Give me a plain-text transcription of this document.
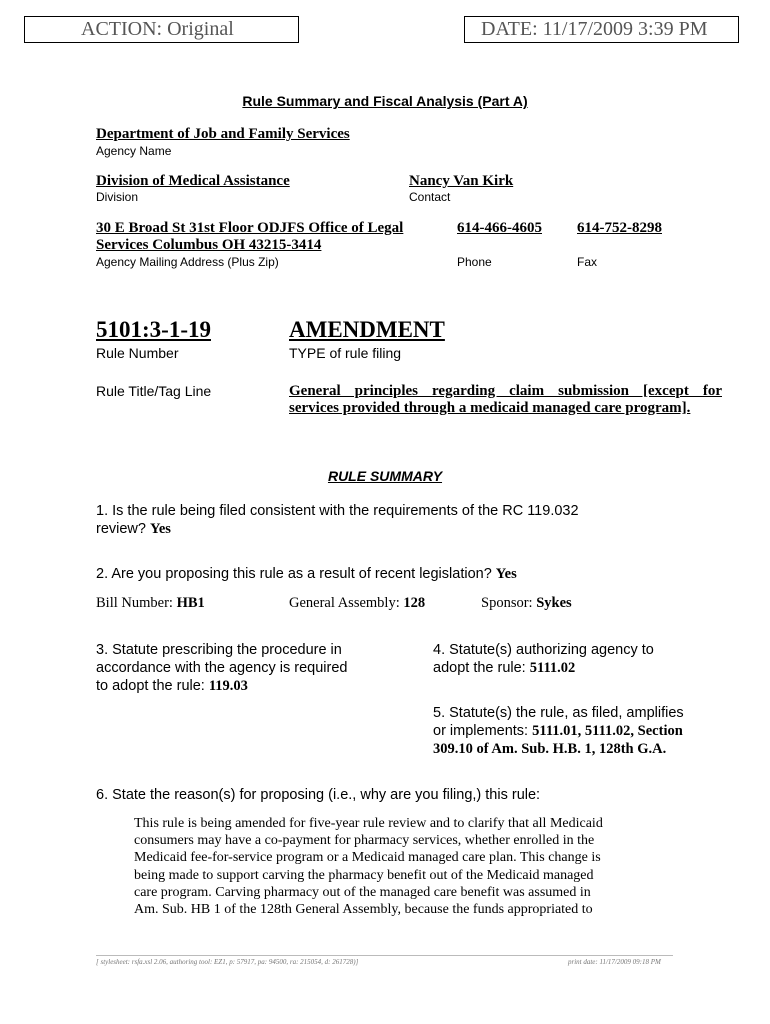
ACTION: Original	DATE: 11/17/2009 3:39 PM
Rule Summary and Fiscal Analysis (Part A)
Department of Job and Family Services
Agency Name
Division of Medical Assistance
Division
Nancy Van Kirk
Contact
30 E Broad St 31st Floor ODJFS Office of Legal
Services Columbus OH 43215-3414
Agency Mailing Address (Plus Zip)
614-466-4605
Phone
614-752-8298
Fax
5101:3-1-19
Rule Number
AMENDMENT
TYPE of rule filing
Rule Title/Tag Line	General principles regarding claim submission [except for
services provided through a medicaid managed care program].
RULE SUMMARY
1. Is the rule being filed consistent with the requirements of the RC 119.032
review? Yes
2. Are you proposing this rule as a result of recent legislation? Yes
Bill Number: HB1	General Assembly: 128	Sponsor: Sykes
3. Statute prescribing the procedure in
accordance with the agency is required
to adopt the rule: 119.03
4. Statute(s) authorizing agency to
adopt the rule: 5111.02
5. Statute(s) the rule, as filed, amplifies
or implements: 5111.01, 5111.02, Section
309.10 of Am. Sub. H.B. 1, 128th G.A.
6. State the reason(s) for proposing (i.e., why are you filing,) this rule:
This rule is being amended for five-year rule review and to clarify that all Medicaid
consumers may have a co-payment for pharmacy services, whether enrolled in the
Medicaid fee-for-service program or a Medicaid managed care plan. This change is
being made to support carving the pharmacy benefit out of the Medicaid managed
care program. Carving pharmacy out of the managed care benefit was assumed in
Am. Sub. HB 1 of the 128th General Assembly, because the funds appropriated to
[ stylesheet: rsfa.xsl 2.06, authoring tool: EZ1, p: 57917, pa: 94500, ra: 215054, d: 261728)]	print date: 11/17/2009 09:18 PM
